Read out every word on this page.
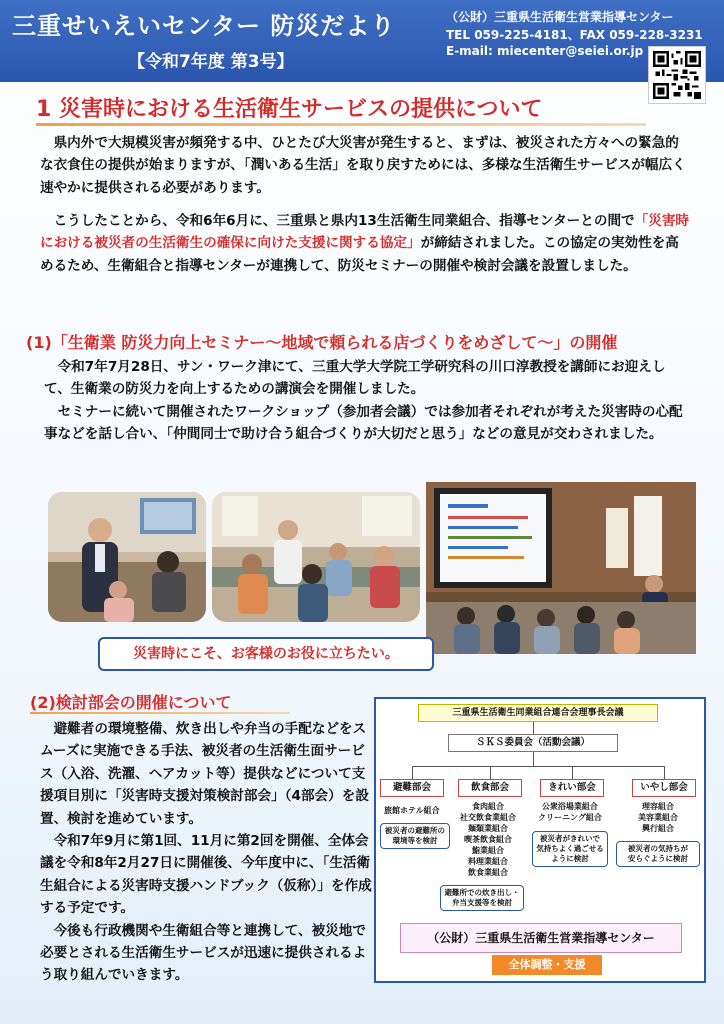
三重せいえいセンター 防災だより
【令和7年度 第3号】
（公財）三重県生活衛生営業指導センター
TEL 059-225-4181、FAX 059-228-3231
E-mail: miecenter@seiei.or.jp
1 災害時における生活衛生サービスの提供について

　県内外で大規模災害が頻発する中、ひとたび大災害が発生すると、まずは、被災された方々への緊急的な衣食住の提供が始まりますが、「潤いある生活」を取り戻すためには、多様な生活衛生サービスが幅広く速やかに提供される必要があります。

　こうしたことから、令和6年6月に、三重県と県内13生活衛生同業組合、指導センターとの間で「災害時における被災者の生活衛生の確保に向けた支援に関する協定」が締結されました。この協定の実効性を高めるため、生衛組合と指導センターが連携して、防災セミナーの開催や検討会議を設置しました。

(1)「生衛業 防災力向上セミナー～地域で頼られる店づくりをめざして～」の開催

　令和7年7月28日、サン・ワーク津にて、三重大学大学院工学研究科の川口淳教授を講師にお迎えして、生衛業の防災力を向上するための講演会を開催しました。

　セミナーに続いて開催されたワークショップ（参加者会議）では参加者それぞれが考えた災害時の心配事などを話し合い、「仲間同士で助け合う組合づくりが大切だと思う」などの意見が交わされました。

災害時にこそ、お客様のお役に立ちたい。
(2)検討部会の開催について

　避難者の環境整備、炊き出しや弁当の手配などをスムーズに実施できる手法、被災者の生活衛生面サービス（入浴、洗濯、ヘアカット等）提供などについて支援項目別に「災害時支援対策検討部会」（4部会）を設置、検討を進めています。

　令和7年9月に第1回、11月に第2回を開催、全体会議を令和8年2月27日に開催後、今年度中に、「生活衛生組合による災害時支援ハンドブック（仮称）」を作成する予定です。

　今後も行政機関や生衛組合等と連携して、被災地で必要とされる生活衛生サービスが迅速に提供されるよう取り組んでいきます。

三重県生活衛生同業組合連合会理事長会議
ＳＫＳ委員会（活動会議）
避難部会	飲食部会	きれい部会	いやし部会
旅館ホテル組合	食肉組合
社交飲食業組合
麺類業組合
喫茶飲食組合
鮨業組合
料理業組合
飲食業組合
公衆浴場業組合
クリーニング組合
理容組合
美容業組合
興行組合
被災者の避難所の
環境等を検討
避難所での炊き出し・
弁当支援等を検討
被災者がきれいで
気持ちよく過ごせる
ように検討
被災者の気持ちが
安らぐように検討
（公財）三重県生活衛生営業指導センター
全体調整・支援
